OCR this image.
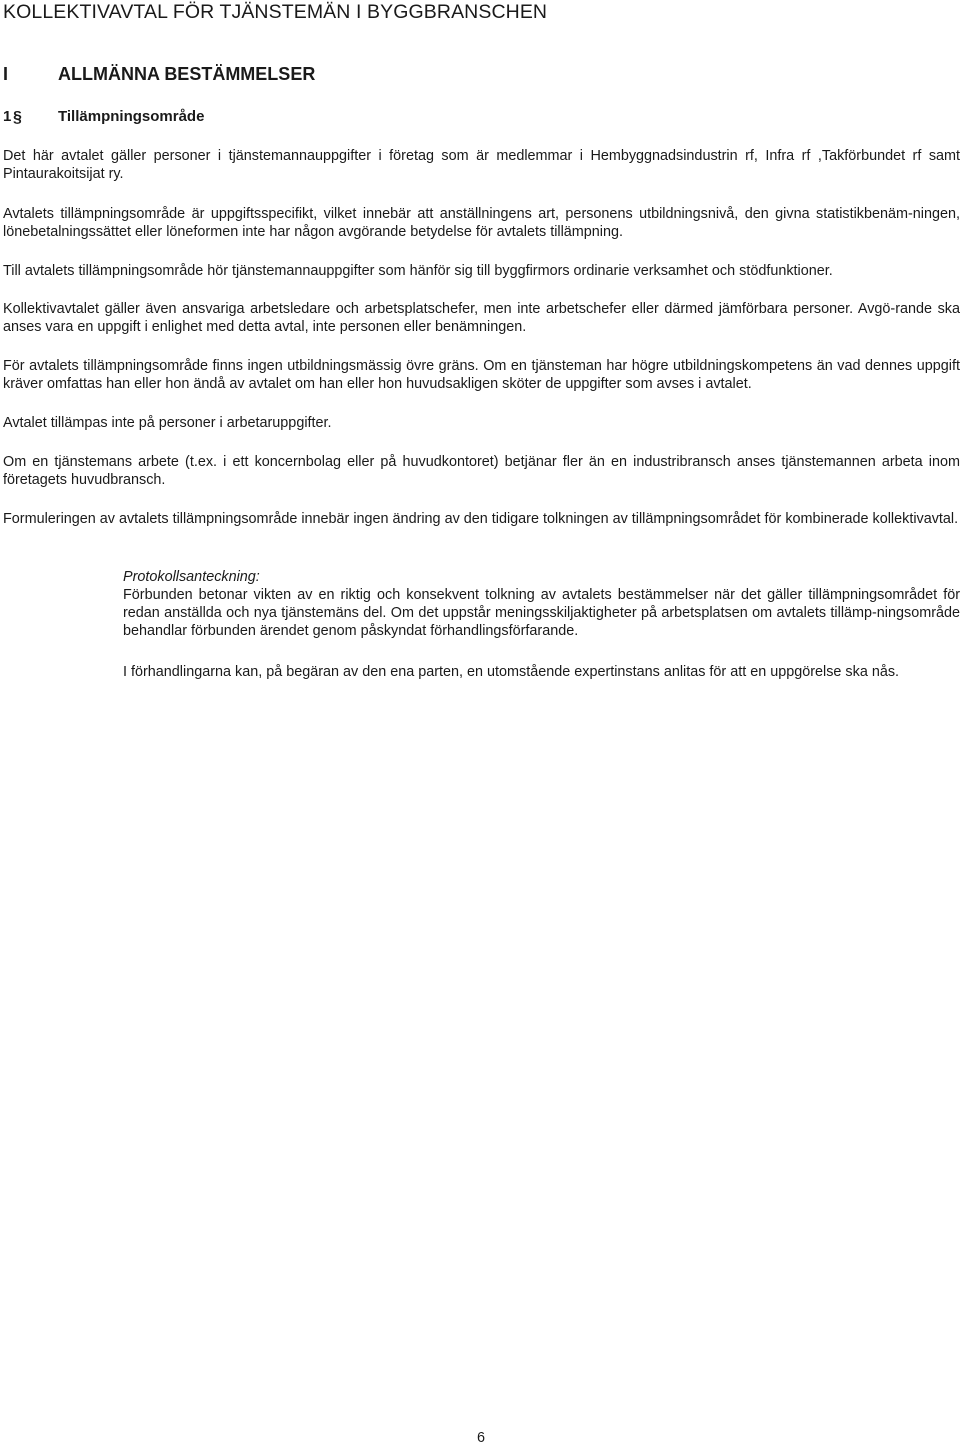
KOLLEKTIVAVTAL FÖR TJÄNSTEMÄN I BYGGBRANSCHEN
I	ALLMÄNNA BESTÄMMELSER
1 § Tillämpningsområde

Det här avtalet gäller personer i tjänstemannauppgifter i företag som är medlemmar i Hembyggnadsindustrin rf, Infra rf ,Takförbundet rf samt Pintaurakoitsijat ry.

Avtalets tillämpningsområde är uppgiftsspecifikt, vilket innebär att anställningens art, personens utbildningsnivå, den givna statistikbenäm-ningen, lönebetalningssättet eller löneformen inte har någon avgörande betydelse för avtalets tillämpning.

Till avtalets tillämpningsområde hör tjänstemannauppgifter som hänför sig till byggfirmors ordinarie verksamhet och stödfunktioner.

Kollektivavtalet gäller även ansvariga arbetsledare och arbetsplatschefer, men inte arbetschefer eller därmed jämförbara personer. Avgö-rande ska anses vara en uppgift i enlighet med detta avtal, inte personen eller benämningen.

För avtalets tillämpningsområde finns ingen utbildningsmässig övre gräns. Om en tjänsteman har högre utbildningskompetens än vad dennes uppgift kräver omfattas han eller hon ändå av avtalet om han eller hon huvudsakligen sköter de uppgifter som avses i avtalet.

Avtalet tillämpas inte på personer i arbetaruppgifter.

Om en tjänstemans arbete (t.ex. i ett koncernbolag eller på huvudkontoret) betjänar fler än en industribransch anses tjänstemannen arbeta inom företagets huvudbransch.

Formuleringen av avtalets tillämpningsområde innebär ingen ändring av den tidigare tolkningen av tillämpningsområdet för kombinerade kollektivavtal.

Protokollsanteckning:

Förbunden betonar vikten av en riktig och konsekvent tolkning av avtalets bestämmelser när det gäller tillämpningsområdet för redan anställda och nya tjänstemäns del. Om det uppstår meningsskiljaktigheter på arbetsplatsen om avtalets tillämp-ningsområde behandlar förbunden ärendet genom påskyndat förhandlingsförfarande.

I förhandlingarna kan, på begäran av den ena parten, en utomstående expertinstans anlitas för att en uppgörelse ska nås.

6
